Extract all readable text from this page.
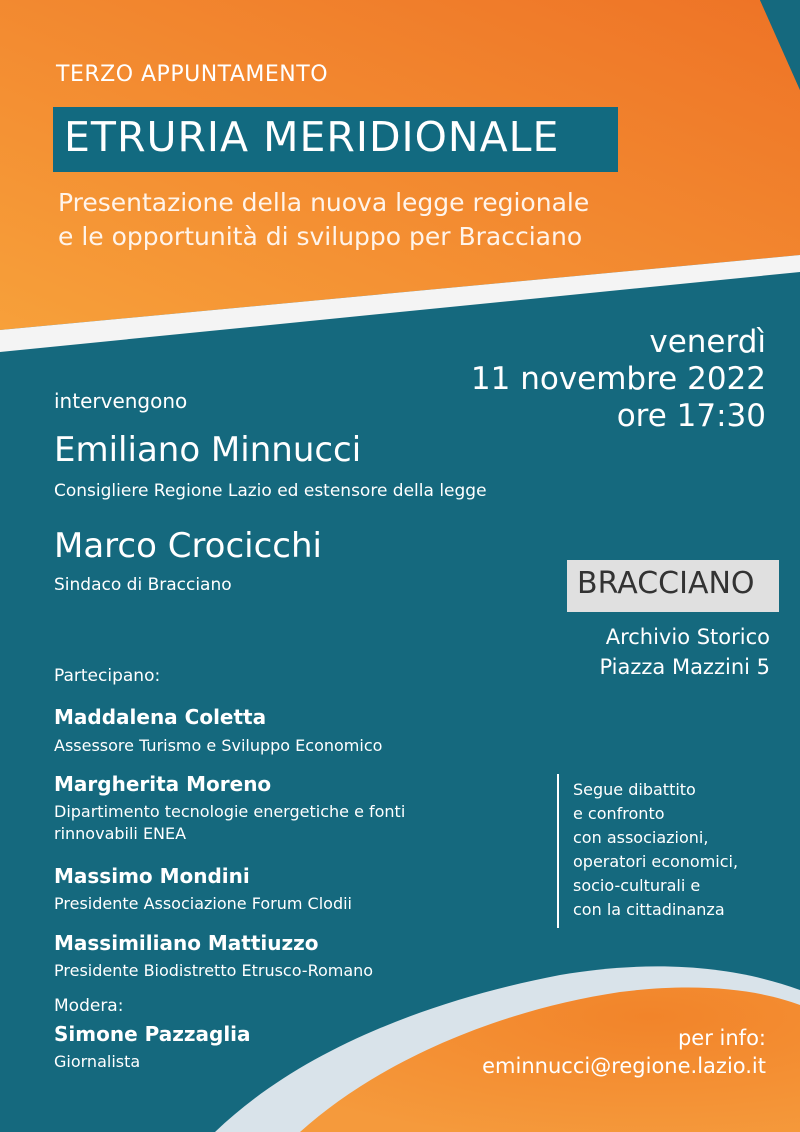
TERZO APPUNTAMENTO
ETRURIA MERIDIONALE
Presentazione della nuova legge regionale
e le opportunità di sviluppo per Bracciano
venerdì
11 novembre 2022
ore 17:30
intervengono
Emiliano Minnucci
Consigliere Regione Lazio ed estensore della legge
Marco Crocicchi
Sindaco di Bracciano	BRACCIANO
Archivio Storico
Piazza Mazzini 5
Partecipano:
Maddalena Coletta
Assessore Turismo e Sviluppo Economico
Margherita Moreno
Dipartimento tecnologie energetiche e fonti
rinnovabili ENEA
Massimo Mondini
Presidente Associazione Forum Clodii
Massimiliano Mattiuzzo
Presidente Biodistretto Etrusco-Romano
Segue dibattito
e confronto
con associazioni,
operatori economici,
socio-culturali e
con la cittadinanza
Modera:
Simone Pazzaglia
Giornalista
per info:
eminnucci@regione.lazio.it
